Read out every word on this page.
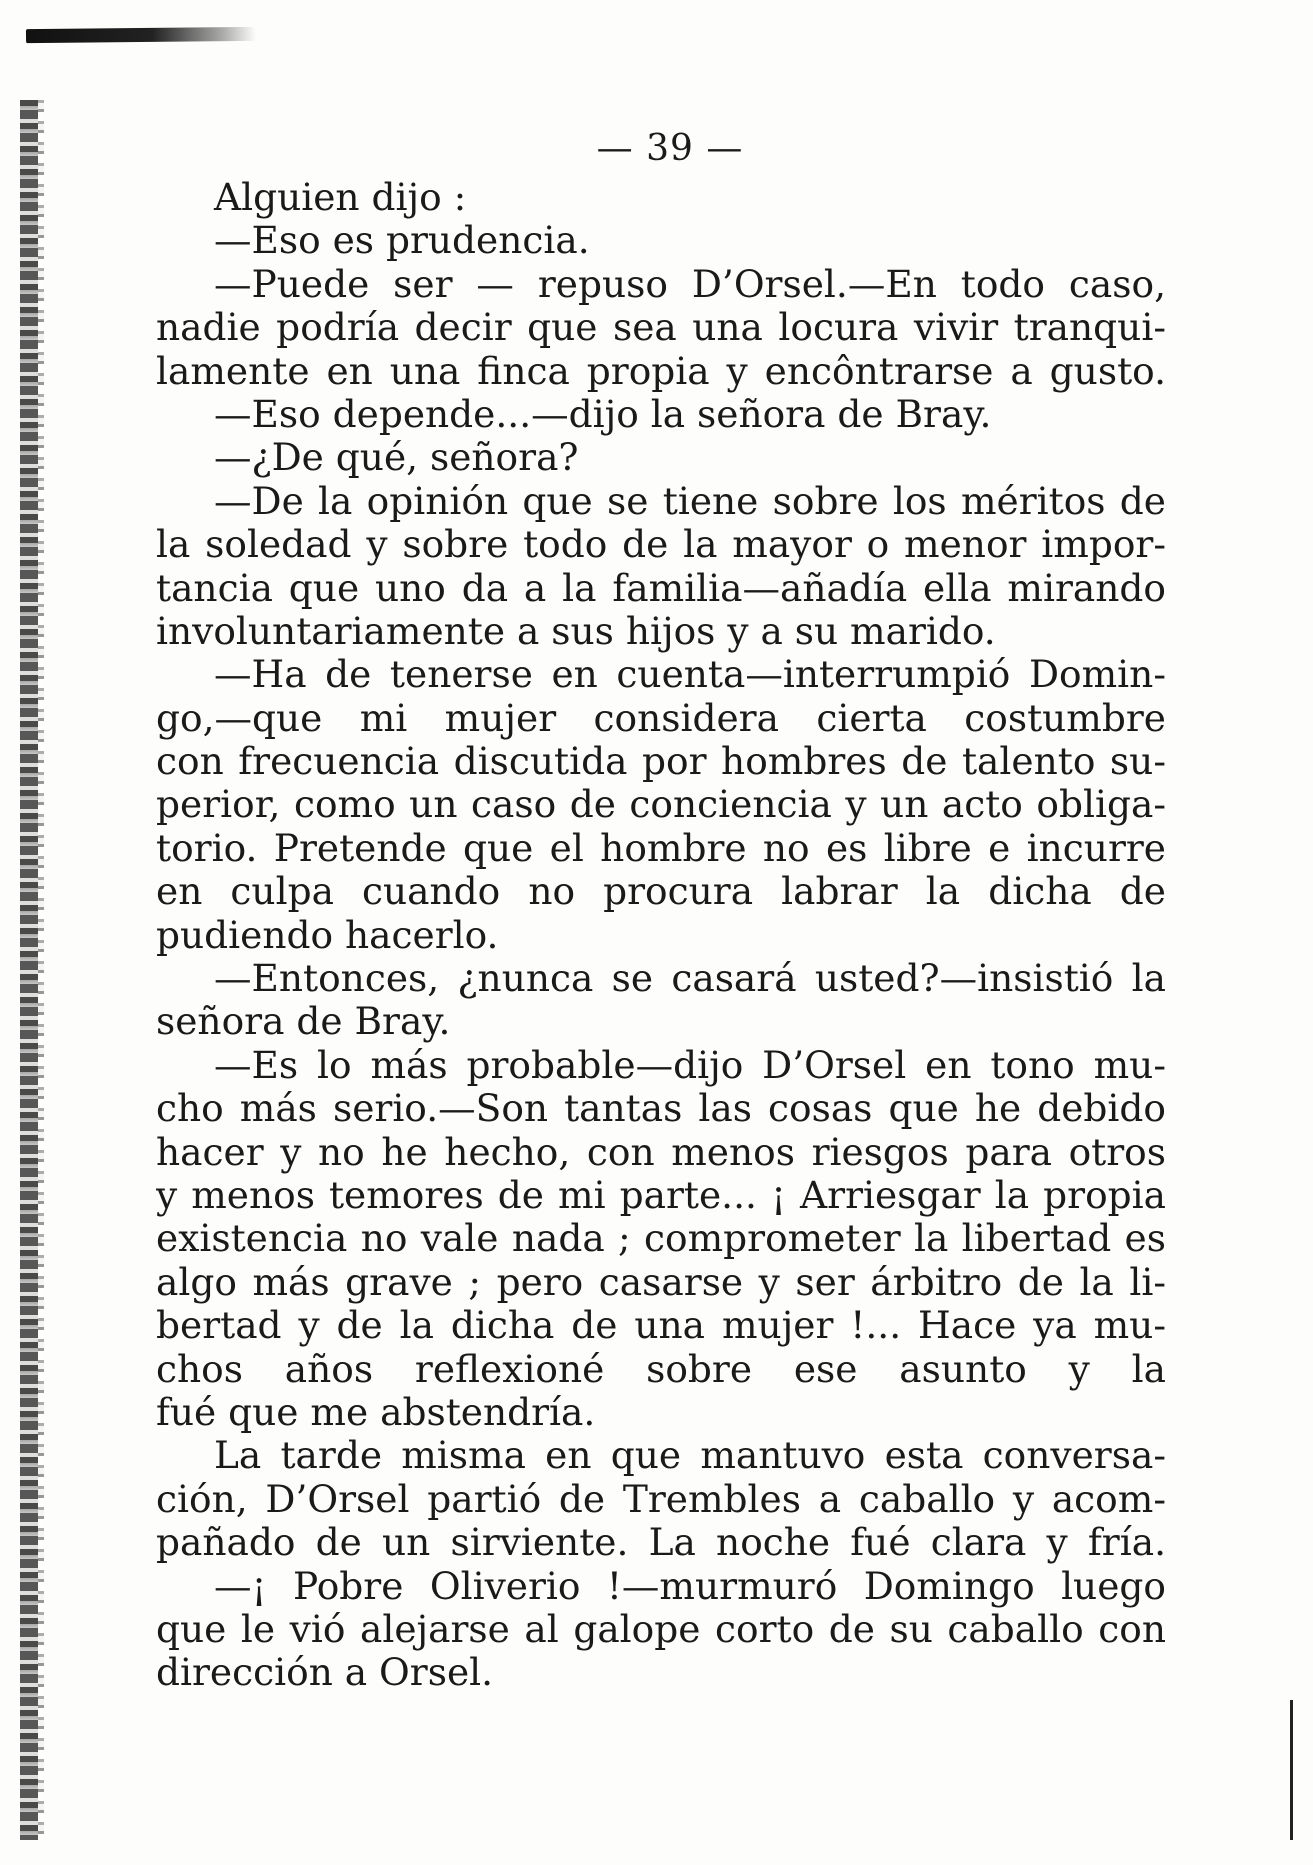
— 39 —
Alguien dijo :
—Eso es prudencia.
—Puede ser — repuso D’Orsel.—En todo caso,
nadie podría decir que sea una locura vivir tranqui-
lamente en una finca propia y encôntrarse a gusto.
—Eso depende...—dijo la señora de Bray.
—¿De qué, señora?
—De la opinión que se tiene sobre los méritos de
la soledad y sobre todo de la mayor o menor impor-
tancia que uno da a la familia—añadía ella mirando
involuntariamente a sus hijos y a su marido.
—Ha de tenerse en cuenta—interrumpió Domin-
go,—que mi mujer considera cierta costumbre
con frecuencia discutida por hombres de talento su-
perior, como un caso de conciencia y un acto obliga-
torio. Pretende que el hombre no es libre e incurre
en culpa cuando no procura labrar la dicha de
pudiendo hacerlo.
—Entonces, ¿nunca se casará usted?—insistió la
señora de Bray.
—Es lo más probable—dijo D’Orsel en tono mu-
cho más serio.—Son tantas las cosas que he debido
hacer y no he hecho, con menos riesgos para otros
y menos temores de mi parte... ¡ Arriesgar la propia
existencia no vale nada ; comprometer la libertad es
algo más grave ; pero casarse y ser árbitro de la li-
bertad y de la dicha de una mujer !... Hace ya mu-
chos años reflexioné sobre ese asunto y la
fué que me abstendría.
La tarde misma en que mantuvo esta conversa-
ción, D’Orsel partió de Trembles a caballo y acom-
pañado de un sirviente. La noche fué clara y fría.
—¡ Pobre Oliverio !—murmuró Domingo luego
que le vió alejarse al galope corto de su caballo con
dirección a Orsel.
